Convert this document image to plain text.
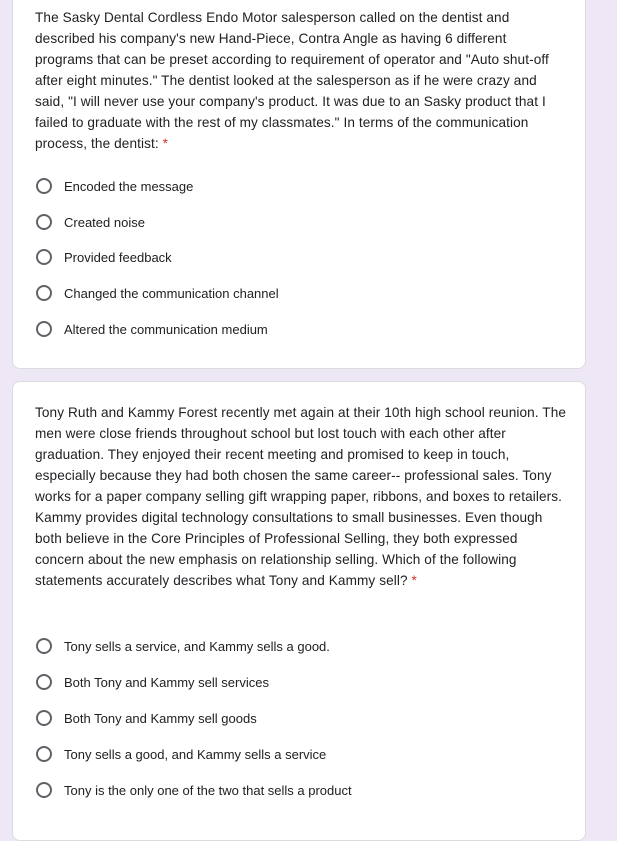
The Sasky Dental Cordless Endo Motor salesperson called on the dentist and described his company's new Hand-Piece, Contra Angle as having 6 different programs that can be preset according to requirement of operator and "Auto shut-off after eight minutes." The dentist looked at the salesperson as if he were crazy and said, "I will never use your company's product. It was due to an Sasky product that I failed to graduate with the rest of my classmates." In terms of the communication process, the dentist: *

Encoded the message
Created noise
Provided feedback
Changed the communication channel
Altered the communication medium

Tony Ruth and Kammy Forest recently met again at their 10th high school reunion. The men were close friends throughout school but lost touch with each other after graduation. They enjoyed their recent meeting and promised to keep in touch, especially because they had both chosen the same career-- professional sales. Tony works for a paper company selling gift wrapping paper, ribbons, and boxes to retailers. Kammy provides digital technology consultations to small businesses. Even though both believe in the Core Principles of Professional Selling, they both expressed concern about the new emphasis on relationship selling. Which of the following statements accurately describes what Tony and Kammy sell? *

Tony sells a service, and Kammy sells a good.
Both Tony and Kammy sell services
Both Tony and Kammy sell goods
Tony sells a good, and Kammy sells a service
Tony is the only one of the two that sells a product
